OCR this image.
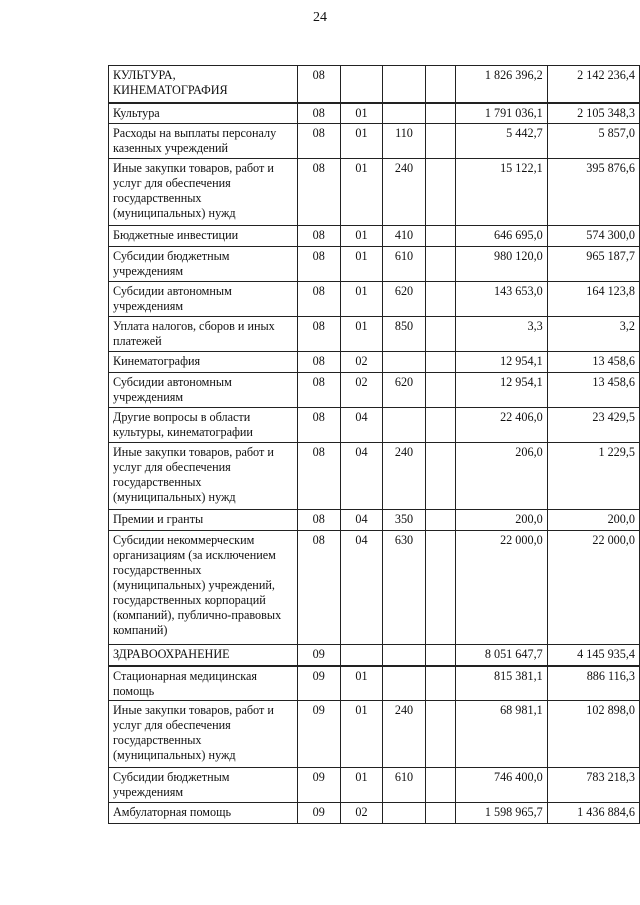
24
КУЛЬТУРА, КИНЕМАТОГРАФИЯ	08				1 826 396,2	2 142 236,4
Культура	08	01			1 791 036,1	2 105 348,3
Расходы на выплаты персоналу казенных учреждений	08	01	110		5 442,7	5 857,0
Иные закупки товаров, работ и услуг для обеспечения государственных (муниципальных) нужд	08	01	240		15 122,1	395 876,6
Бюджетные инвестиции	08	01	410		646 695,0	574 300,0
Субсидии бюджетным учреждениям	08	01	610		980 120,0	965 187,7
Субсидии автономным учреждениям	08	01	620		143 653,0	164 123,8
Уплата налогов, сборов и иных платежей	08	01	850		3,3	3,2
Кинематография	08	02			12 954,1	13 458,6
Субсидии автономным учреждениям	08	02	620		12 954,1	13 458,6
Другие вопросы в области культуры, кинематографии	08	04			22 406,0	23 429,5
Иные закупки товаров, работ и услуг для обеспечения государственных (муниципальных) нужд	08	04	240		206,0	1 229,5
Премии и гранты	08	04	350		200,0	200,0
Субсидии некоммерческим организациям (за исключением государственных (муниципальных) учреждений, государственных корпораций (компаний), публично-правовых компаний)	08	04	630		22 000,0	22 000,0
ЗДРАВООХРАНЕНИЕ	09				8 051 647,7	4 145 935,4
Стационарная медицинская помощь	09	01			815 381,1	886 116,3
Иные закупки товаров, работ и услуг для обеспечения государственных (муниципальных) нужд	09	01	240		68 981,1	102 898,0
Субсидии бюджетным учреждениям	09	01	610		746 400,0	783 218,3
Амбулаторная помощь	09	02			1 598 965,7	1 436 884,6
